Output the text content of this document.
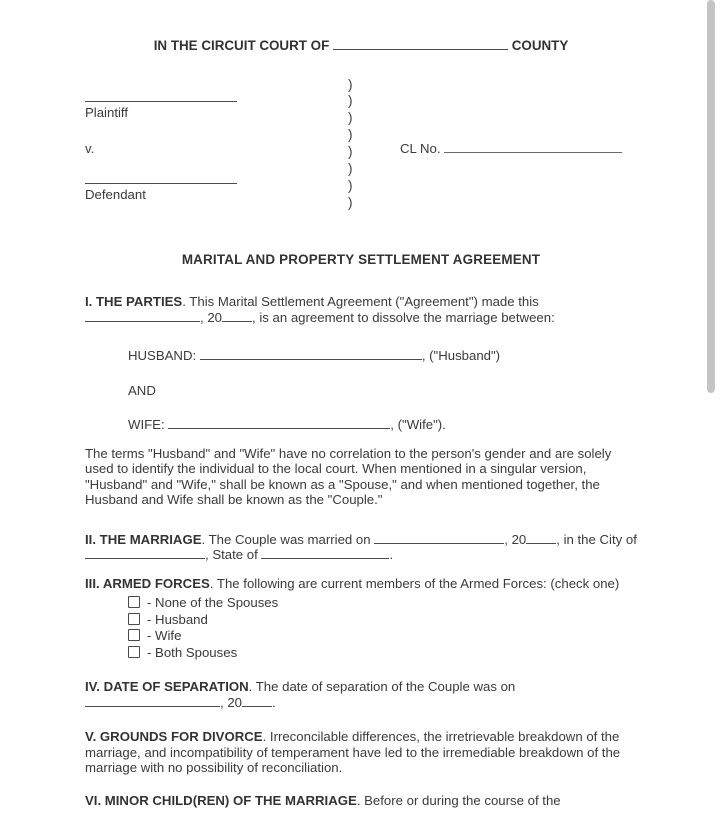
IN THE CIRCUIT COURT OF	COUNTY
Plaintiff
v.
Defendant
)
)
)
)
)
)
)
)
CL No.
MARITAL AND PROPERTY SETTLEMENT AGREEMENT

I. THE PARTIES. This Marital Settlement Agreement ("Agreement") made this , 20 , is an agreement to dissolve the marriage between:

HUSBAND:	, ("Husband")

AND

WIFE:	, ("Wife").

The terms "Husband" and "Wife" have no correlation to the person's gender and are solely used to identify the individual to the local court. When mentioned in a singular version, "Husband" and "Wife," shall be known as a "Spouse," and when mentioned together, the Husband and Wife shall be known as the "Couple."

II. THE MARRIAGE. The Couple was married on	, 20 , in the City of , State of	.

III. ARMED FORCES. The following are current members of the Armed Forces: (check one)

- None of the Spouses
- Husband
- Wife
- Both Spouses

IV. DATE OF SEPARATION. The date of separation of the Couple was on , 20 .

V. GROUNDS FOR DIVORCE. Irreconcilable differences, the irretrievable breakdown of the marriage, and incompatibility of temperament have led to the irremediable breakdown of the marriage with no possibility of reconciliation.

VI. MINOR CHILD(REN) OF THE MARRIAGE. Before or during the course of the
